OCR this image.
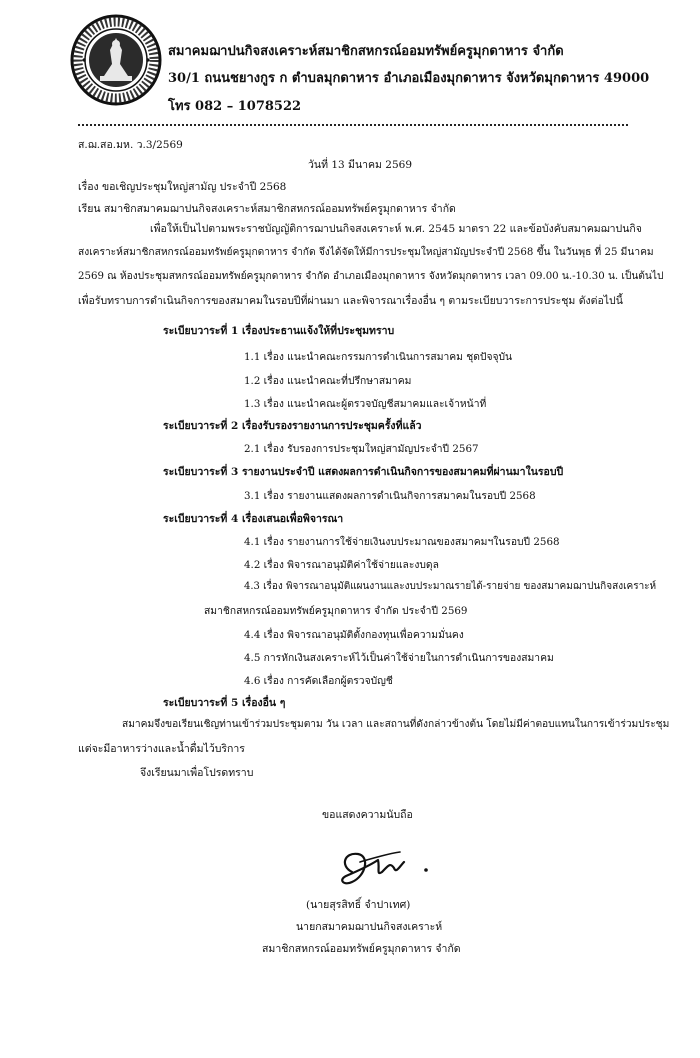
สมาคมฌาปนกิจสงเคราะห์สมาชิกสหกรณ์ออมทรัพย์ครูมุกดาหาร จำกัด
30/1 ถนนชยางกูร ก ตำบลมุกดาหาร อำเภอเมืองมุกดาหาร จังหวัดมุกดาหาร 49000
โทร 082 – 1078522
ส.ฌ.สอ.มห. ว.3/2569
วันที่ 13 มีนาคม 2569
เรื่อง ขอเชิญประชุมใหญ่สามัญ ประจำปี 2568
เรียน สมาชิกสมาคมฌาปนกิจสงเคราะห์สมาชิกสหกรณ์ออมทรัพย์ครูมุกดาหาร จำกัด
เพื่อให้เป็นไปตามพระราชบัญญัติการฌาปนกิจสงเคราะห์ พ.ศ. 2545 มาตรา 22 และข้อบังคับสมาคมฌาปนกิจ
สงเคราะห์สมาชิกสหกรณ์ออมทรัพย์ครูมุกดาหาร จำกัด จึงได้จัดให้มีการประชุมใหญ่สามัญประจำปี 2568 ขึ้น ในวันพุธ ที่ 25 มีนาคม
2569 ณ ห้องประชุมสหกรณ์ออมทรัพย์ครูมุกดาหาร จำกัด อำเภอเมืองมุกดาหาร จังหวัดมุกดาหาร เวลา 09.00 น.-10.30 น. เป็นต้นไป
เพื่อรับทราบการดำเนินกิจการของสมาคมในรอบปีที่ผ่านมา และพิจารณาเรื่องอื่น ๆ ตามระเบียบวาระการประชุม ดังต่อไปนี้
ระเบียบวาระที่ 1 เรื่องประธานแจ้งให้ที่ประชุมทราบ
1.1 เรื่อง แนะนำคณะกรรมการดำเนินการสมาคม ชุดปัจจุบัน
1.2 เรื่อง แนะนำคณะที่ปรึกษาสมาคม
1.3 เรื่อง แนะนำคณะผู้ตรวจบัญชีสมาคมและเจ้าหน้าที่
ระเบียบวาระที่ 2 เรื่องรับรองรายงานการประชุมครั้งที่แล้ว
2.1 เรื่อง รับรองการประชุมใหญ่สามัญประจำปี 2567
ระเบียบวาระที่ 3 รายงานประจำปี แสดงผลการดำเนินกิจการของสมาคมที่ผ่านมาในรอบปี
3.1 เรื่อง รายงานแสดงผลการดำเนินกิจการสมาคมในรอบปี 2568
ระเบียบวาระที่ 4 เรื่องเสนอเพื่อพิจารณา
4.1 เรื่อง รายงานการใช้จ่ายเงินงบประมาณของสมาคมฯในรอบปี 2568
4.2 เรื่อง พิจารณาอนุมัติค่าใช้จ่ายและงบดุล
4.3 เรื่อง พิจารณาอนุมัติแผนงานและงบประมาณรายได้-รายจ่าย ของสมาคมฌาปนกิจสงเคราะห์
สมาชิกสหกรณ์ออมทรัพย์ครูมุกดาหาร จำกัด ประจำปี 2569
4.4 เรื่อง พิจารณาอนุมัติตั้งกองทุนเพื่อความมั่นคง
4.5 การหักเงินสงเคราะห์ไว้เป็นค่าใช้จ่ายในการดำเนินการของสมาคม
4.6 เรื่อง การคัดเลือกผู้ตรวจบัญชี
ระเบียบวาระที่ 5 เรื่องอื่น ๆ
สมาคมจึงขอเรียนเชิญท่านเข้าร่วมประชุมตาม วัน เวลา และสถานที่ดังกล่าวข้างต้น โดยไม่มีค่าตอบแทนในการเข้าร่วมประชุม
แต่จะมีอาหารว่างและน้ำดื่มไว้บริการ
จึงเรียนมาเพื่อโปรดทราบ
ขอแสดงความนับถือ
(นายสุรสิทธิ์ จำปาเทศ)
นายกสมาคมฌาปนกิจสงเคราะห์
สมาชิกสหกรณ์ออมทรัพย์ครูมุกดาหาร จำกัด
